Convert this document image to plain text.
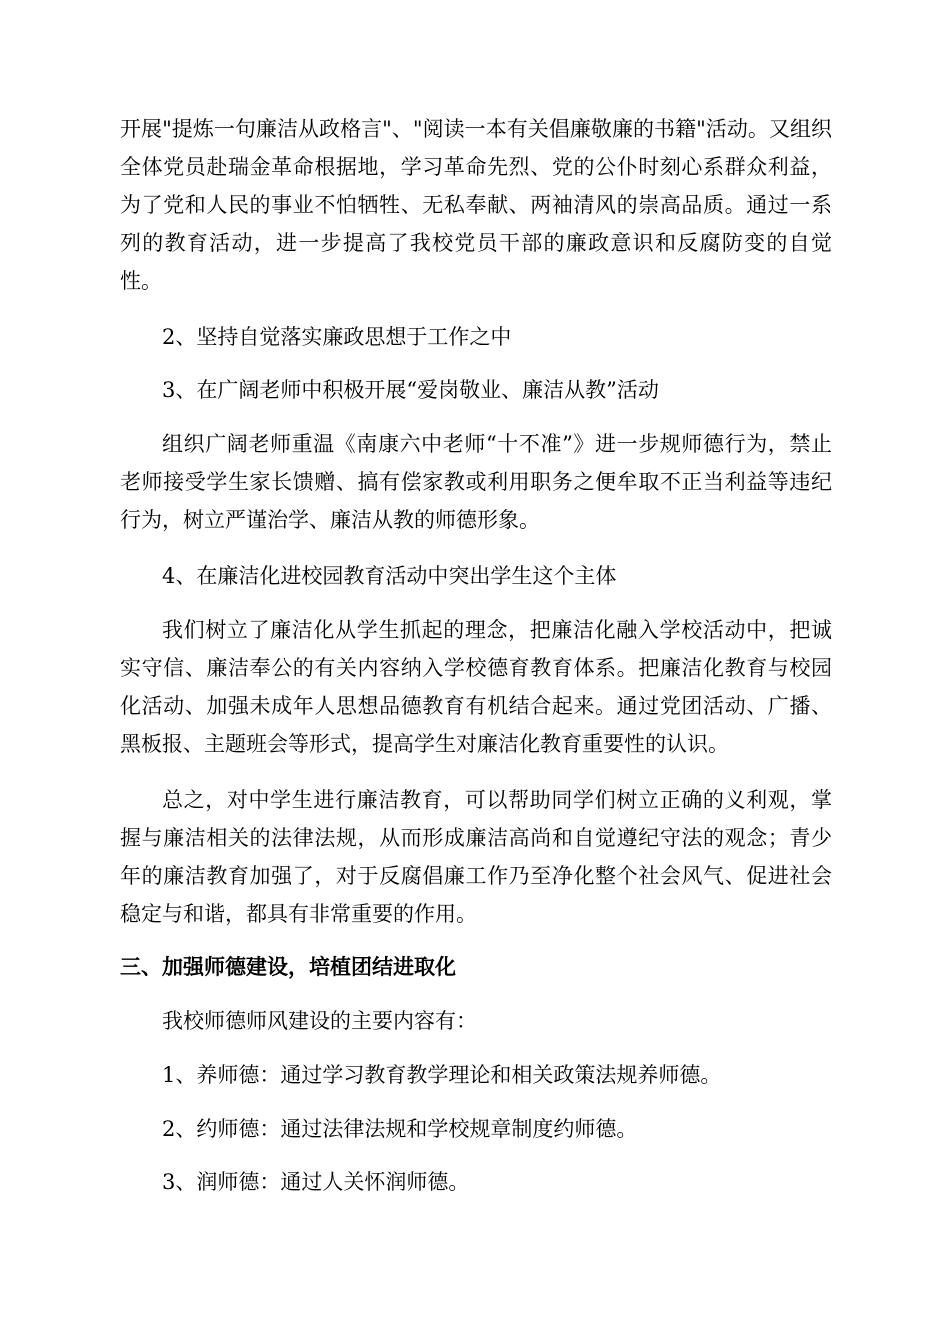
开展"提炼一句廉洁从政格言"、"阅读一本有关倡廉敬廉的书籍"活动。又组织全体党员赴瑞金革命根据地，学习革命先烈、党的公仆时刻心系群众利益，为了党和人民的事业不怕牺牲、无私奉献、两袖清风的崇高品质。通过一系列的教育活动，进一步提高了我校党员干部的廉政意识和反腐防变的自觉性。

2、坚持自觉落实廉政思想于工作之中

3、在广阔老师中积极开展“爱岗敬业、廉洁从教”活动

组织广阔老师重温《南康六中老师“十不准”》进一步规师德行为，禁止老师接受学生家长馈赠、搞有偿家教或利用职务之便牟取不正当利益等违纪行为，树立严谨治学、廉洁从教的师德形象。

4、在廉洁化进校园教育活动中突出学生这个主体

我们树立了廉洁化从学生抓起的理念，把廉洁化融入学校活动中，把诚实守信、廉洁奉公的有关内容纳入学校德育教育体系。把廉洁化教育与校园化活动、加强未成年人思想品德教育有机结合起来。通过党团活动、广播、黑板报、主题班会等形式，提高学生对廉洁化教育重要性的认识。

总之，对中学生进行廉洁教育，可以帮助同学们树立正确的义利观，掌握与廉洁相关的法律法规，从而形成廉洁高尚和自觉遵纪守法的观念；青少年的廉洁教育加强了，对于反腐倡廉工作乃至净化整个社会风气、促进社会稳定与和谐，都具有非常重要的作用。

三、加强师德建设，培植团结进取化

我校师德师风建设的主要内容有：

1、养师德：通过学习教育教学理论和相关政策法规养师德。

2、约师德：通过法律法规和学校规章制度约师德。

3、润师德：通过人关怀润师德。
